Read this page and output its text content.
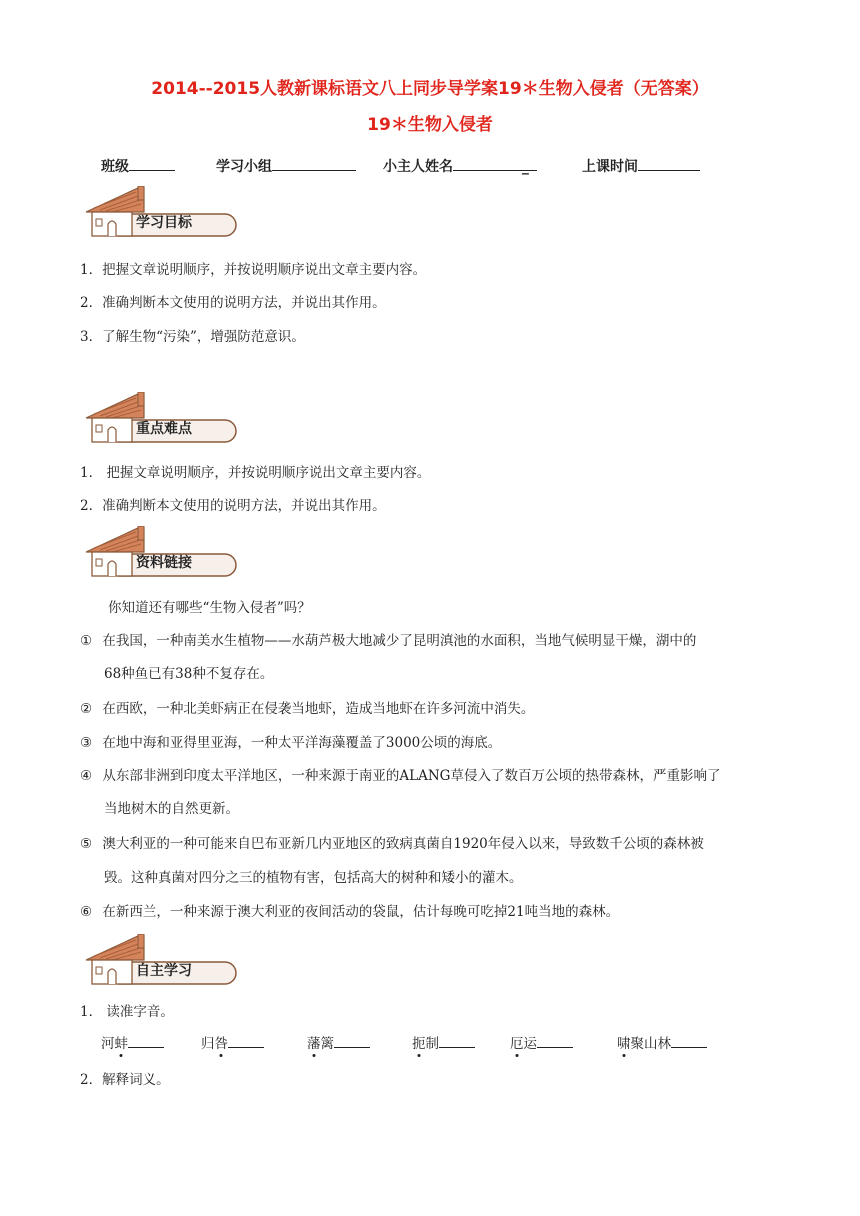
2014--2015人教新课标语文八上同步导学案19＊生物入侵者（无答案）
19＊生物入侵者
班级	学习小组	小主人姓名	_	上课时间
学习目标
1．把握文章说明顺序，并按说明顺序说出文章主要内容。
2．准确判断本文使用的说明方法，并说出其作用。
3．了解生物“污染”，增强防范意识。
重点难点
1． 把握文章说明顺序，并按说明顺序说出文章主要内容。
2．准确判断本文使用的说明方法，并说出其作用。
资料链接
你知道还有哪些“生物入侵者”吗？
① 在我国，一种南美水生植物——水葫芦极大地减少了昆明滇池的水面积，当地气候明显干燥，湖中的
68种鱼已有38种不复存在。
② 在西欧，一种北美虾病正在侵袭当地虾，造成当地虾在许多河流中消失。
③ 在地中海和亚得里亚海，一种太平洋海藻覆盖了3000公顷的海底。
④ 从东部非洲到印度太平洋地区，一种来源于南亚的ALANG草侵入了数百万公顷的热带森林，严重影响了
当地树木的自然更新。
⑤ 澳大利亚的一种可能来自巴布亚新几内亚地区的致病真菌自1920年侵入以来，导致数千公顷的森林被
毁。这种真菌对四分之三的植物有害，包括高大的树种和矮小的灌木。
⑥ 在新西兰，一种来源于澳大利亚的夜间活动的袋鼠，估计每晚可吃掉21吨当地的森林。
自主学习
1． 读准字音。
河蚌	归咎	藩篱	扼制	厄运	啸聚山林
2．解释词义。
